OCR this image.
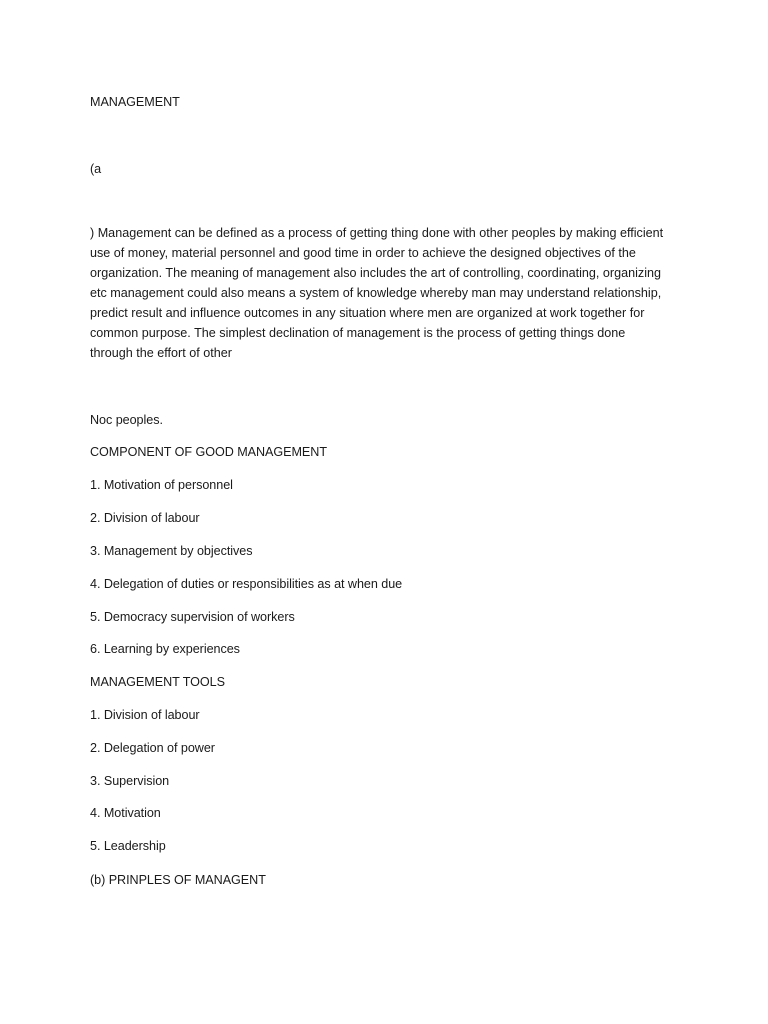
MANAGEMENT
(a
) Management can be defined as a process of getting thing done with other peoples by making efficient
use of money, material personnel and good time in order to achieve the designed objectives of the
organization. The meaning of management also includes the art of controlling, coordinating, organizing
etc management could also means a system of knowledge whereby man may understand relationship,
predict result and influence outcomes in any situation where men are organized at work together for
common purpose. The simplest declination of management is the process of getting things done
through the effort of other
Noc peoples.
COMPONENT OF GOOD MANAGEMENT
1. Motivation of personnel
2. Division of labour
3. Management by objectives
4. Delegation of duties or responsibilities as at when due
5. Democracy supervision of workers
6. Learning by experiences
MANAGEMENT TOOLS
1. Division of labour
2. Delegation of power
3. Supervision
4. Motivation
5. Leadership
(b) PRINPLES OF MANAGENT
